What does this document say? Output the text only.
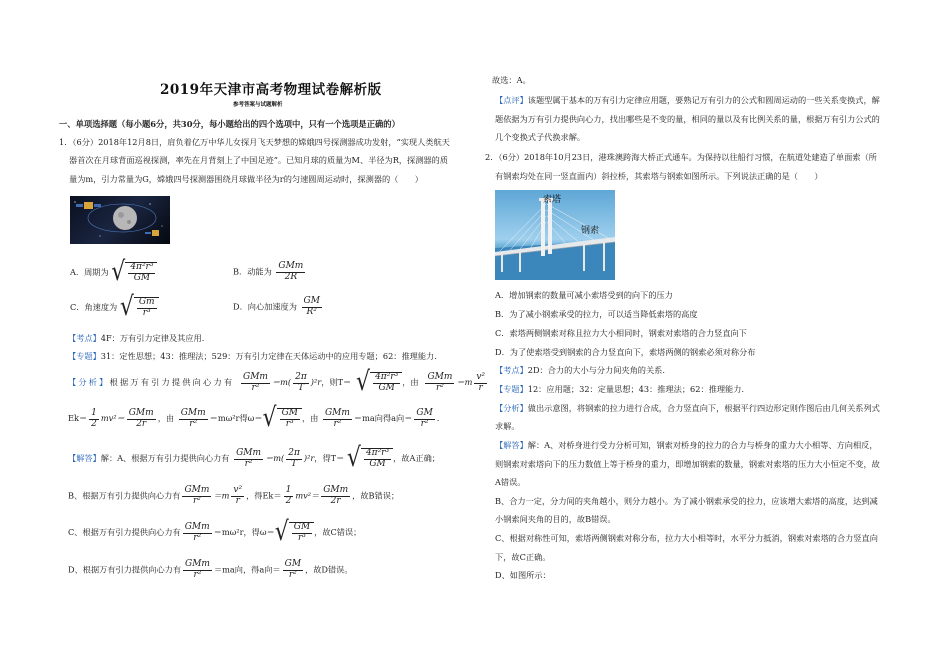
2019年天津市高考物理试卷解析版
参考答案与试题解析
一、单项选择题（每小题6分，共30分，每小题给出的四个选项中，只有一个选项是正确的）
1．（6分）2018年12月8日，肩负着亿万中华儿女探月飞天梦想的嫦娥四号探测器成功发射，“实现人类航天
器首次在月球背面巡视探测，率先在月背刻上了中国足迹”。已知月球的质量为M、半径为R，探测器的质
量为m，引力常量为G，嫦娥四号探测器围绕月球做半径为r的匀速圆周运动时，探测器的（　　）
A．周期为 √ $\frac{\text{4π²r³}}{GM}$	B．动能为 $\frac{\text{GMm}}{2R}$
C．角速度为 √ $\frac{Gm}{\text{r³}}$	D．向心加速度为 $\frac{GM}{\text{R²}}$
【考点】4F：万有引力定律及其应用.
【专题】31：定性思想；43：推理法；529：万有引力定律在天体运动中的应用专题；62：推理能力.
【分析】根据万有引力提供向心力有 $\frac{\text{GMm}}{\text{r²}} =m( \frac{2\pi}{T} )^2r$，则T＝ √ $\frac{\text{4π²r³}}{GM}$ ，由 $\frac{\text{GMm}}{\text{r²}} =m \frac{\text{v²}}{r}$
$Ek= \frac{1}{2} mv^2= \frac{\text{GMm}}{2r}$ ，由 $\frac{\text{GMm}}{\text{r²}} =m\omega^2r$得ω＝ √ $\frac{GM}{\text{r³}}$ ，由 $\frac{\text{GMm}}{\text{r²}} =ma$向得a向＝ $\frac{GM}{\text{r²}}$ .
【解答】解：A、根据万有引力提供向心力有 $\frac{\text{GMm}}{\text{r²}} =m( \frac{2\pi}{T} )^2r$，得T＝ √ $\frac{\text{4π²r³}}{GM}$ ，故A正确；
B、根据万有引力提供向心力有 $\frac{\text{GMm}}{\text{r²}} =m \frac{\text{v²}}{r}$ ，得$Ek= \frac{1}{2} mv^2= \frac{\text{GMm}}{2r}$ ，故B错误；
C、根据万有引力提供向心力有 $\frac{\text{GMm}}{\text{r²}} =m\omega^2r$，得ω＝ √ $\frac{GM}{\text{r³}}$ ，故C错误；
D、根据万有引力提供向心力有 $\frac{\text{GMm}}{\text{r²}} =ma$向，得a向＝ $\frac{GM}{\text{r²}}$ ，故D错误。
故选：A。
【点评】该题型属于基本的万有引力定律应用题，要熟记万有引力的公式和圆周运动的一些关系变换式，解
题依据为万有引力提供向心力，找出哪些是不变的量，相同的量以及有比例关系的量，根据万有引力公式的
几个变换式子代换求解。
2．（6分）2018年10月23日，港珠澳跨海大桥正式通车。为保持以往船行习惯，在航道处建造了单面索（所
有钢索均处在同一竖直面内）斜拉桥，其索塔与钢索如图所示。下列说法正确的是（　　）
索塔
钢索
A．增加钢索的数量可减小索塔受到的向下的压力
B．为了减小钢索承受的拉力，可以适当降低索塔的高度
C．索塔两侧钢索对称且拉力大小相同时，钢索对索塔的合力竖直向下
D．为了使索塔受到钢索的合力竖直向下，索塔两侧的钢索必须对称分布
【考点】2D：合力的大小与分力间夹角的关系.
【专题】12：应用题；32：定量思想；43：推理法；62：推理能力.
【分析】做出示意图，将钢索的拉力进行合成，合力竖直向下，根据平行四边形定则作图后由几何关系列式
求解。
【解答】解：A、对桥身进行受力分析可知，钢索对桥身的拉力的合力与桥身的重力大小相等、方向相反，
则钢索对索塔向下的压力数值上等于桥身的重力，即增加钢索的数量，钢索对索塔的压力大小恒定不变，故
A错误。
B、合力一定，分力间的夹角越小，则分力越小。为了减小钢索承受的拉力，应该增大索塔的高度，达到减
小钢索间夹角的目的，故B错误。
C、根据对称性可知，索塔两侧钢索对称分布，拉力大小相等时，水平分力抵消，钢索对索塔的合力竖直向
下，故C正确。
D、如图所示：
